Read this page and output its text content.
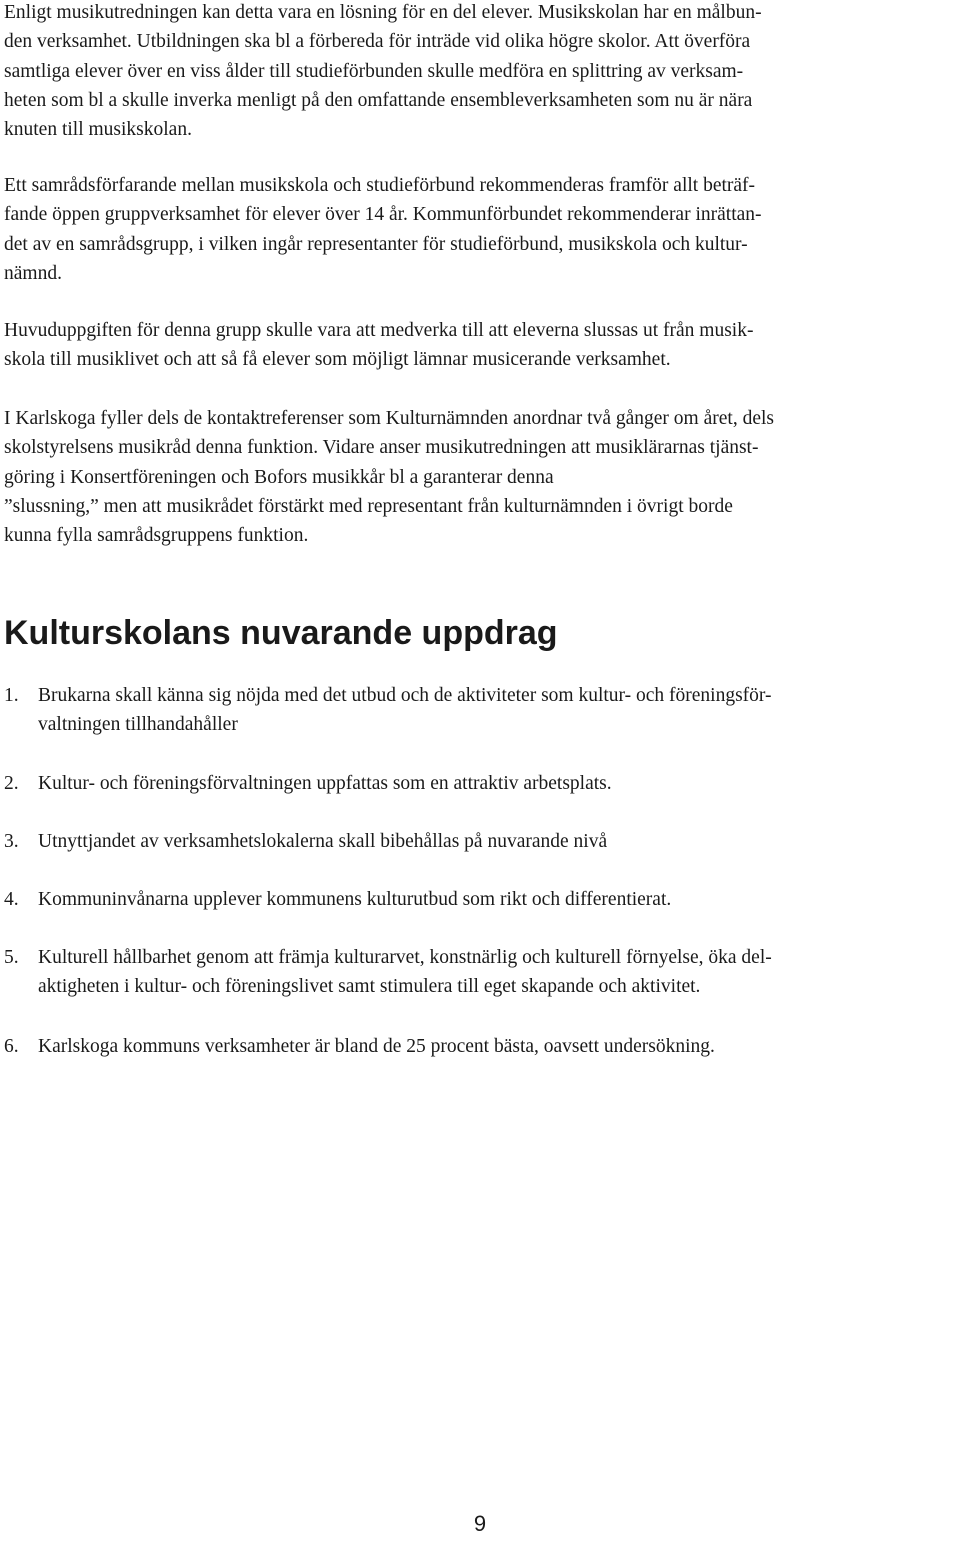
Enligt musikutredningen kan detta vara en lösning för en del elever. Musikskolan har en målbun-
den verksamhet. Utbildningen ska bl a förbereda för inträde vid olika högre skolor. Att överföra
samtliga elever över en viss ålder till studieförbunden skulle medföra en splittring av verksam-
heten som bl a skulle inverka menligt på den omfattande ensembleverksamheten som nu är nära
knuten till musikskolan.

Ett samrådsförfarande mellan musikskola och studieförbund rekommenderas framför allt beträf-
fande öppen gruppverksamhet för elever över 14 år. Kommunförbundet rekommenderar inrättan-
det av en samrådsgrupp, i vilken ingår representanter för studieförbund, musikskola och kultur-
nämnd.

Huvuduppgiften för denna grupp skulle vara att medverka till att eleverna slussas ut från musik-
skola till musiklivet och att så få elever som möjligt lämnar musicerande verksamhet.

I Karlskoga fyller dels de kontaktreferenser som Kulturnämnden anordnar två gånger om året, dels
skolstyrelsens musikråd denna funktion. Vidare anser musikutredningen att musiklärarnas tjänst-
göring i Konsertföreningen och Bofors musikkår bl a garanterar denna
”slussning,” men att musikrådet förstärkt med representant från kulturnämnden i övrigt borde
kunna fylla samrådsgruppens funktion.

Kulturskolans nuvarande uppdrag
1. Brukarna skall känna sig nöjda med det utbud och de aktiviteter som kultur- och föreningsför-
valtningen tillhandahåller
2. Kultur- och föreningsförvaltningen uppfattas som en attraktiv arbetsplats.
3. Utnyttjandet av verksamhetslokalerna skall bibehållas på nuvarande nivå
4. Kommuninvånarna upplever kommunens kulturutbud som rikt och differentierat.
5. Kulturell hållbarhet genom att främja kulturarvet, konstnärlig och kulturell förnyelse, öka del-
aktigheten i kultur- och föreningslivet samt stimulera till eget skapande och aktivitet.
6. Karlskoga kommuns verksamheter är bland de 25 procent bästa, oavsett undersökning.
9
